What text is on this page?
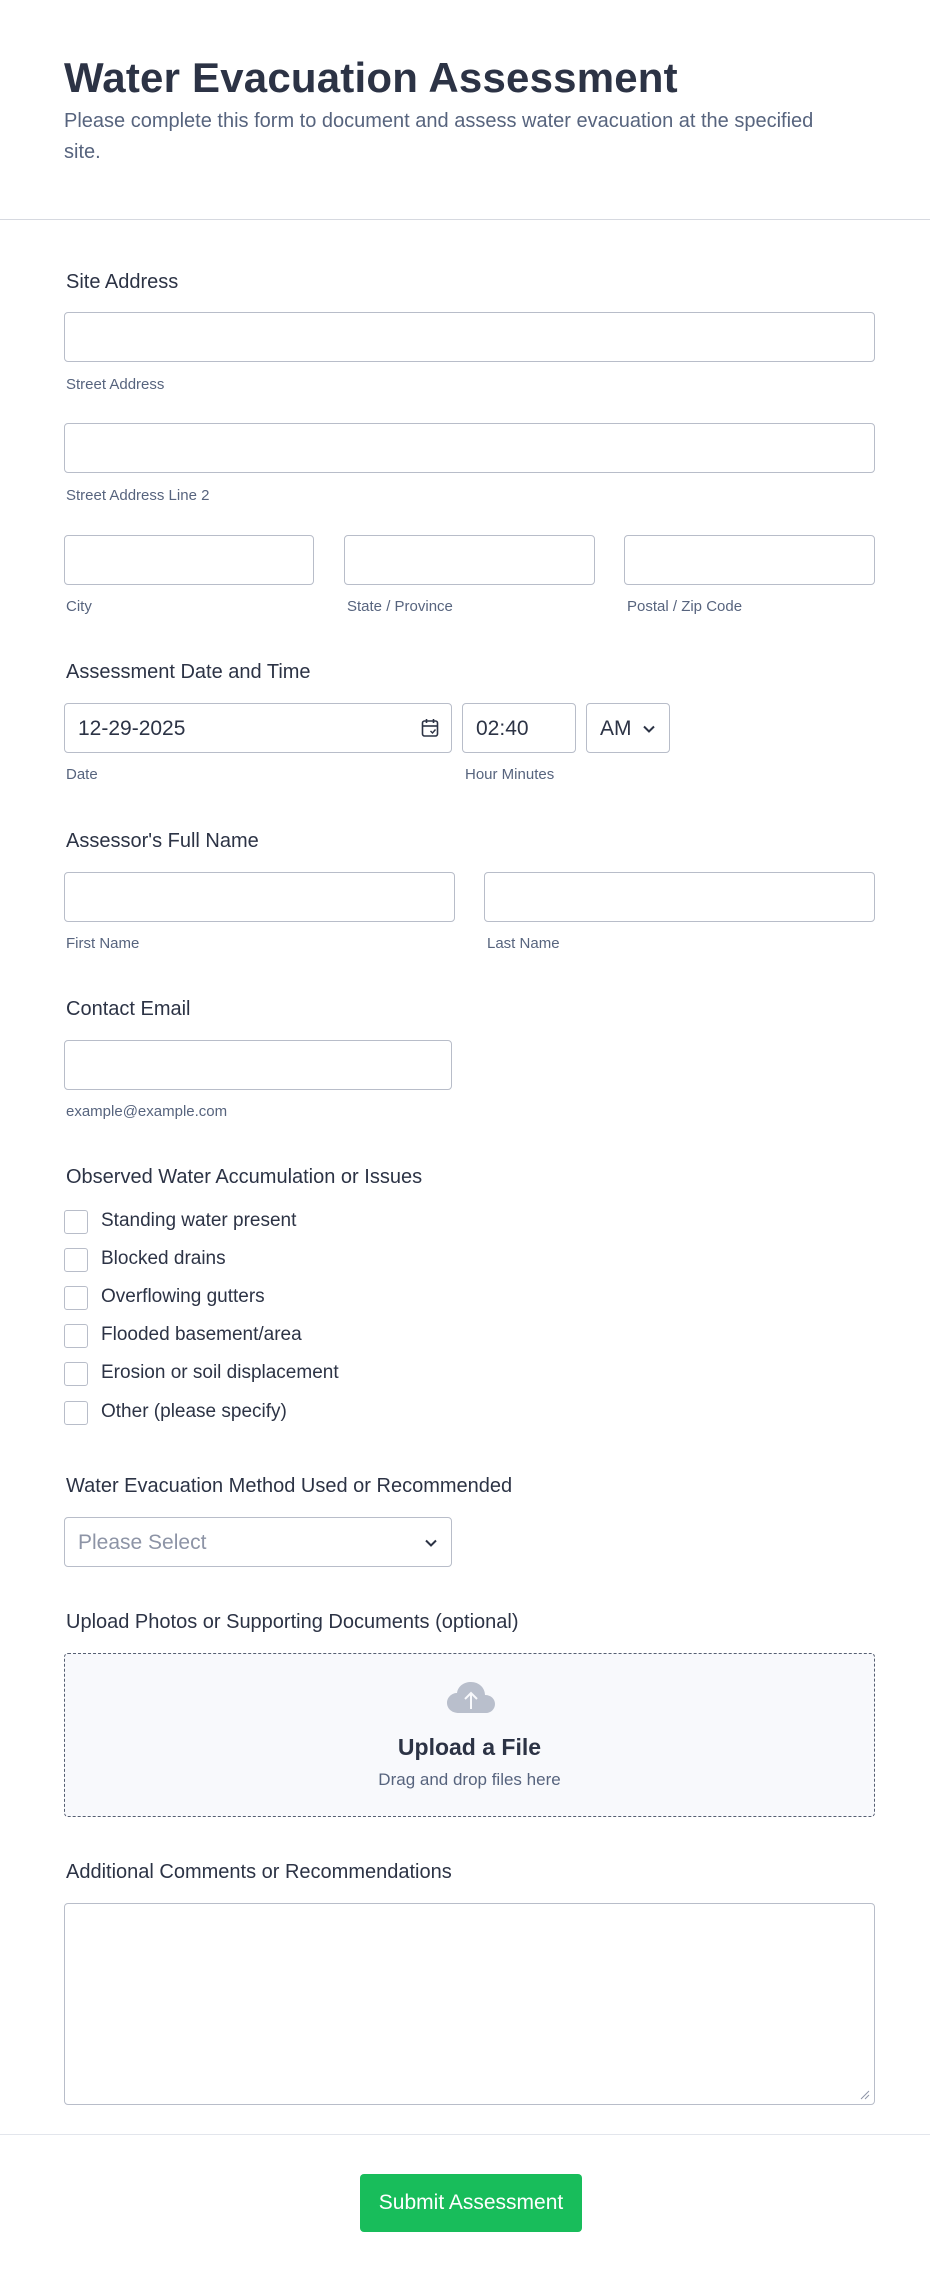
Water Evacuation Assessment

Please complete this form to document and assess water evacuation at the specified site.

Site Address
Street Address
Street Address Line 2
City	State / Province	Postal / Zip Code
Assessment Date and Time
12-29-2025
Date
02:40
Hour Minutes
AM
Assessor's Full Name
First Name	Last Name
Contact Email
example@example.com
Observed Water Accumulation or Issues
Standing water present
Blocked drains
Overflowing gutters
Flooded basement/area
Erosion or soil displacement
Other (please specify)
Water Evacuation Method Used or Recommended
Please Select
Upload Photos or Supporting Documents (optional)
Upload a File
Drag and drop files here
Additional Comments or Recommendations
Submit Assessment
